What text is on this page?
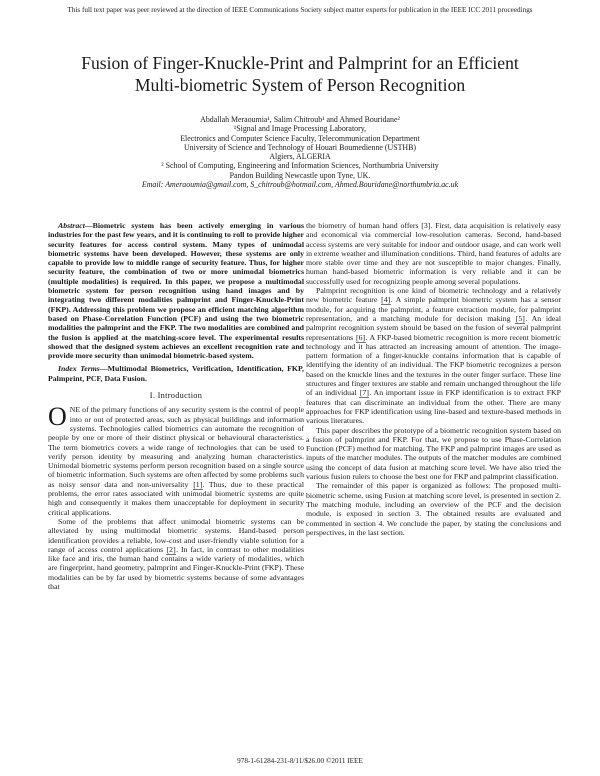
This full text paper was peer reviewed at the direction of IEEE Communications Society subject matter experts for publication in the IEEE ICC 2011 proceedings
Fusion of Finger-Knuckle-Print and Palmprint for an Efficient
Multi-biometric System of Person Recognition
Abdallah Meraoumia¹, Salim Chitroub¹ and Ahmed Bouridane²
¹Signal and Image Processing Laboratory,
Electronics and Computer Science Faculty, Telecommunication Department
University of Science and Technology of Houari Boumedienne (USTHB)
Algiers, ALGERIA
² School of Computing, Engineering and Information Sciences, Northumbria University
Pandon Building Newcastle upon Tyne, UK.
Email: Ameraoumia@gmail.com, S_chitroub@hotmail.com, Ahmed.Bouridane@northumbria.ac.uk

Abstract—Biometric system has been actively emerging in various industries for the past few years, and it is continuing to roll to provide higher security features for access control system. Many types of unimodal biometric systems have been developed. However, these systems are only capable to provide low to middle range of security feature. Thus, for higher security feature, the combination of two or more unimodal biometrics (multiple modalities) is required. In this paper, we propose a multimodal biometric system for person recognition using hand images and by integrating two different modalities palmprint and Finger-Knuckle-Print (FKP). Addressing this problem we propose an efficient matching algorithm based on Phase-Correlation Function (PCF) and using the two biometric modalities the palmprint and the FKP. The two modalities are combined and the fusion is applied at the matching-score level. The experimental results showed that the designed system achieves an excellent recognition rate and provide more security than unimodal biometric-based system.

Index Terms—Multimodal Biometrics, Verification, Identification, FKP, Palmprint, PCF, Data Fusion.

I. Introduction

ONE of the primary functions of any security system is the control of people into or out of protected areas, such as physical buildings and information systems. Technologies called biometrics can automate the recognition of people by one or more of their distinct physical or behavioural characteristics. The term biometrics covers a wide range of technologies that can be used to verify person identity by measuring and analyzing human characteristics. Unimodal biometric systems perform person recognition based on a single source of biometric information. Such systems are often affected by some problems such as noisy sensor data and non-universality [1]. Thus, due to these practical problems, the error rates associated with unimodal biometric systems are quite high and consequently it makes them unacceptable for deployment in security critical applications.

Some of the problems that affect unimodal biometric systems can be alleviated by using multimodal biometric systems. Hand-based person identification provides a reliable, low-cost and user-friendly viable solution for a range of access control applications [2]. In fact, in contrast to other modalities like face and iris, the human hand contains a wide variety of modalities, which are fingerprint, hand geometry, palmprint and Finger-Knuckle-Print (FKP). These modalities can be by far used by biometric systems because of some advantages that

the biometry of human hand offers [3]. First, data acquisition is relatively easy and economical via commercial low-resolution cameras. Second, hand-based access systems are very suitable for indoor and outdoor usage, and can work well in extreme weather and illumination conditions. Third, hand features of adults are more stable over time and they are not susceptible to major changes. Finally, human hand-based biometric information is very reliable and it can be successfully used for recognizing people among several populations.

Palmprint recognition is one kind of biometric technology and a relatively new biometric feature [4]. A simple palmprint biometric system has a sensor module, for acquiring the palmprint, a feature extraction module, for palmprint representation, and a matching module for decision making [5]. An ideal palmprint recognition system should be based on the fusion of several palmprint representations [6]. A FKP-based biometric recognition is more recent biometric technology and it has attracted an increasing amount of attention. The image-pattern formation of a finger-knuckle contains information that is capable of identifying the identity of an individual. The FKP biometric recognizes a person based on the knuckle lines and the textures in the outer finger surface. These line structures and finger textures are stable and remain unchanged throughout the life of an individual [7]. An important issue in FKP identification is to extract FKP features that can discriminate an individual from the other. There are many approaches for FKP identification using line-based and texture-based methods in various literatures.

This paper describes the prototype of a biometric recognition system based on a fusion of palmprint and FKP. For that, we propose to use Phase-Correlation Function (PCF) method for matching. The FKP and palmprint images are used as inputs of the matcher modules. The outputs of the matcher modules are combined using the concept of data fusion at matching score level. We have also tried the various fusion rulers to choose the best one for FKP and palmprint classification.

The remainder of this paper is organized as follows: The proposed multi-biometric scheme, using Fusion at matching score level, is presented in section 2. The matching module, including an overview of the PCF and the decision module, is exposed in section 3. The obtained results are evaluated and commented in section 4. We conclude the paper, by stating the conclusions and perspectives, in the last section.

978-1-61284-231-8/11/$26.00 ©2011 IEEE
